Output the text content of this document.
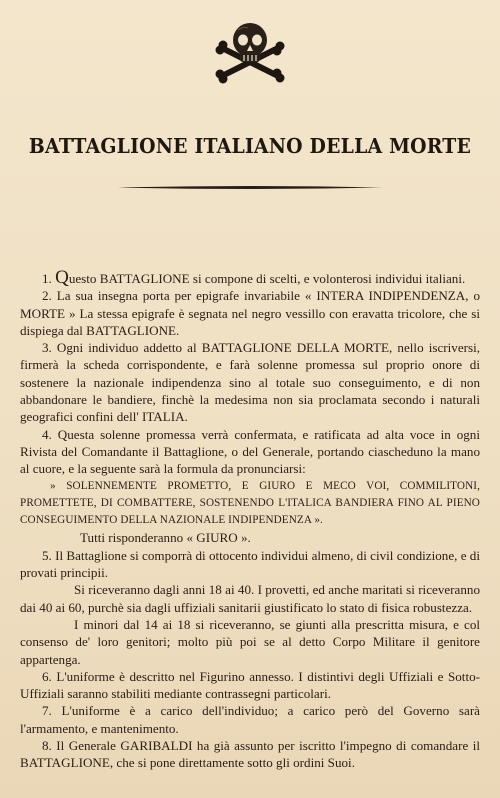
BATTAGLIONE ITALIANO DELLA MORTE

1. Questo BATTAGLIONE si compone di scelti, e volonterosi individui italiani.

2. La sua insegna porta per epigrafe invariabile « INTERA INDIPENDENZA, o MORTE » La stessa epigrafe è segnata nel negro vessillo con eravatta tricolore, che si dispiega dal BATTAGLIONE.

3. Ogni individuo addetto al BATTAGLIONE DELLA MORTE, nello iscriversi, firmerà la scheda corrispondente, e farà solenne promessa sul proprio onore di sostenere la nazionale indipendenza sino al totale suo conseguimento, e di non abbandonare le bandiere, finchè la medesima non sia proclamata secondo i naturali geografici confini dell' ITALIA.

4. Questa solenne promessa verrà confermata, e ratificata ad alta voce in ogni Rivista del Comandante il Battaglione, o del Generale, portando ciascheduno la mano al cuore, e la seguente sarà la formula da pronunciarsi:

» SOLENNEMENTE PROMETTO, E GIURO E MECO VOI, COMMILITONI, PROMETTETE, DI COMBATTERE, SOSTENENDO L'ITALICA BANDIERA FINO AL PIENO CONSEGUIMENTO DELLA NAZIONALE INDIPENDENZA ».

Tutti risponderanno « GIURO ».

5. Il Battaglione si comporrà di ottocento individui almeno, di civil condizione, e di provati principii.

Si riceveranno dagli anni 18 ai 40. I provetti, ed anche maritati si riceveranno dai 40 ai 60, purchè sia dagli uffiziali sanitarii giustificato lo stato di fisica robustezza.

I minori dal 14 ai 18 si riceveranno, se giunti alla prescritta misura, e col consenso de' loro genitori; molto più poi se al detto Corpo Militare il genitore appartenga.

6. L'uniforme è descritto nel Figurino annesso. I distintivi degli Uffiziali e Sotto-Uffiziali saranno stabiliti mediante contrassegni particolari.

7. L'uniforme è a carico dell'individuo; a carico però del Governo sarà l'armamento, e mantenimento.

8. Il Generale GARIBALDI ha già assunto per iscritto l'impegno di comandare il BATTAGLIONE, che si pone direttamente sotto gli ordini Suoi.
